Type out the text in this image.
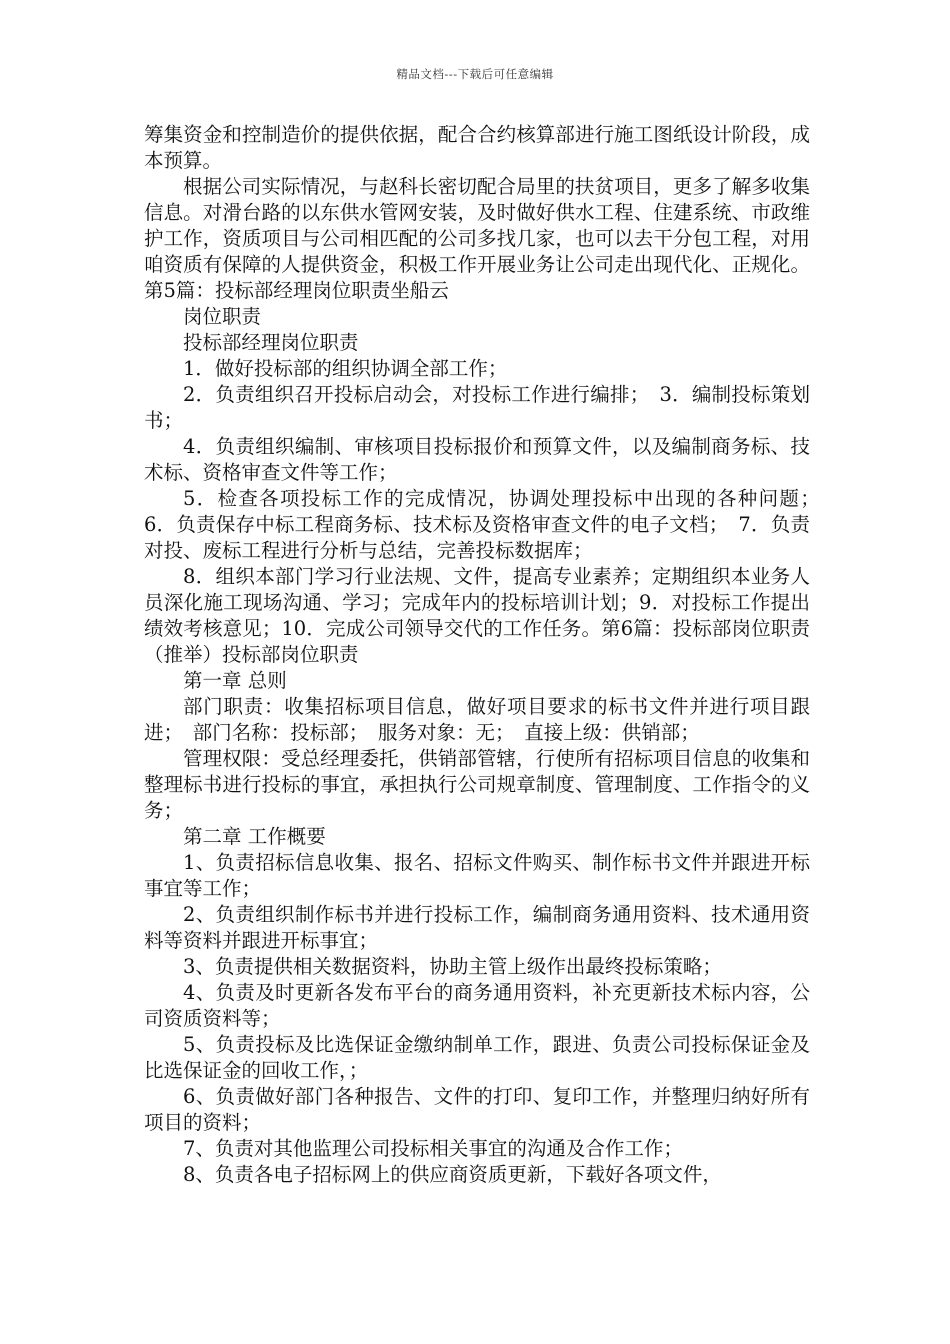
精品文档---下载后可任意编辑

筹集资金和控制造价的提供依据，配合合约核算部进行施工图纸设计阶段，成本预算。

根据公司实际情况，与赵科长密切配合局里的扶贫项目，更多了解多收集信息。对滑台路的以东供水管网安装，及时做好供水工程、住建系统、市政维护工作，资质项目与公司相匹配的公司多找几家，也可以去干分包工程，对用咱资质有保障的人提供资金，积极工作开展业务让公司走出现代化、正规化。第5篇：投标部经理岗位职责坐船云

岗位职责

投标部经理岗位职责

1．做好投标部的组织协调全部工作；

2．负责组织召开投标启动会，对投标工作进行编排；　3．编制投标策划书；

4．负责组织编制、审核项目投标报价和预算文件，以及编制商务标、技术标、资格审查文件等工作；

5．检查各项投标工作的完成情况，协调处理投标中出现的各种问题；　6．负责保存中标工程商务标、技术标及资格审查文件的电子文档；　7．负责对投、废标工程进行分析与总结，完善投标数据库；

8．组织本部门学习行业法规、文件，提高专业素养；定期组织本业务人员深化施工现场沟通、学习；完成年内的投标培训计划；9．对投标工作提出绩效考核意见；10．完成公司领导交代的工作任务。第6篇：投标部岗位职责（推举）投标部岗位职责

第一章 总则

部门职责：收集招标项目信息，做好项目要求的标书文件并进行项目跟进；　部门名称：投标部；　服务对象：无；　直接上级：供销部；

管理权限：受总经理委托，供销部管辖，行使所有招标项目信息的收集和整理标书进行投标的事宜，承担执行公司规章制度、管理制度、工作指令的义务；

第二章 工作概要

1、负责招标信息收集、报名、招标文件购买、制作标书文件并跟进开标事宜等工作；

2、负责组织制作标书并进行投标工作，编制商务通用资料、技术通用资料等资料并跟进开标事宜；

3、负责提供相关数据资料，协助主管上级作出最终投标策略；

4、负责及时更新各发布平台的商务通用资料，补充更新技术标内容，公司资质资料等；

5、负责投标及比选保证金缴纳制单工作，跟进、负责公司投标保证金及比选保证金的回收工作，；

6、负责做好部门各种报告、文件的打印、复印工作，并整理归纳好所有项目的资料；

7、负责对其他监理公司投标相关事宜的沟通及合作工作；

8、负责各电子招标网上的供应商资质更新，下载好各项文件，
